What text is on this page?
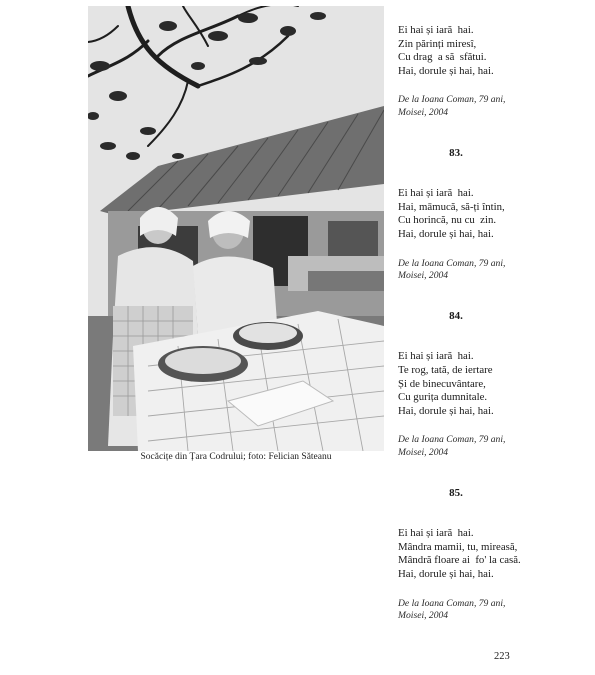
Socăcițe din Țara Codrului; foto: Felician Săteanu
Ei hai și iară  hai.
Zin părinți miresî,
Cu drag  a să  sfătui.
Hai, dorule și hai, hai.
De la Ioana Coman, 79 ani,
Moisei, 2004
83.
Ei hai și iară  hai.
Hai, māmucă, să-ți întin,
Cu horincă, nu cu  zin.
Hai, dorule și hai, hai.
De la Ioana Coman, 79 ani,
Moisei, 2004
84.
Ei hai și iară  hai.
Te rog, tată, de iertare
Și de binecuvântare,
Cu gurița dumnitale.
Hai, dorule și hai, hai.
De la Ioana Coman, 79 ani,
Moisei, 2004
85.
Ei hai și iară  hai.
Mândra mamii, tu, mireasă,
Mândră floare ai  fo' la casă.
Hai, dorule și hai, hai.
De la Ioana Coman, 79 ani,
Moisei, 2004
223
